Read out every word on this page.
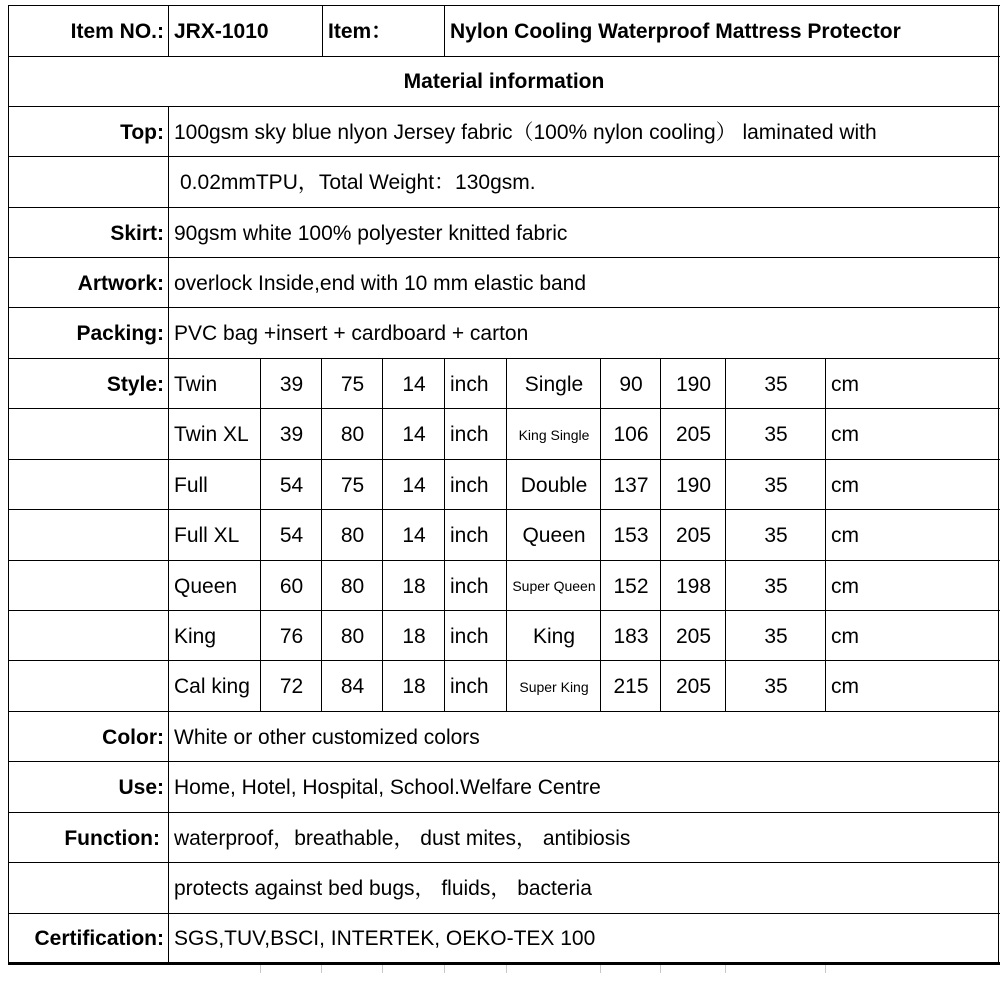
Item NO.: JRX-1010	Item：	Nylon Cooling Waterproof Mattress Protector
Material information
Top: 100gsm sky blue nlyon Jersey fabric（100% nylon cooling） laminated with
0.02mmTPU，Total Weight：130gsm.
Skirt: 90gsm white 100% polyester knitted fabric
Artwork: overlock Inside,end with 10 mm elastic band
Packing: PVC bag +insert + cardboard + carton
Style: Twin	39	75	14	inch	Single	90	190	35	cm
Twin XL	39	80	14	inch	King Single	106	205	35	cm
Full	54	75	14	inch	Double	137	190	35	cm
Full XL	54	80	14	inch	Queen	153	205	35	cm
Queen	60	80	18	inch	Super Queen 152	198	35	cm
King	76	80	18	inch	King	183	205	35	cm
Cal king	72	84	18	inch	Super King	215	205	35	cm
Color: White or other customized colors
Use: Home, Hotel, Hospital, School.Welfare Centre
Function: waterproof，breathable， dust mites， antibiosis
protects against bed bugs， fluids， bacteria
Certification: SGS,TUV,BSCI, INTERTEK, OEKO-TEX 100
